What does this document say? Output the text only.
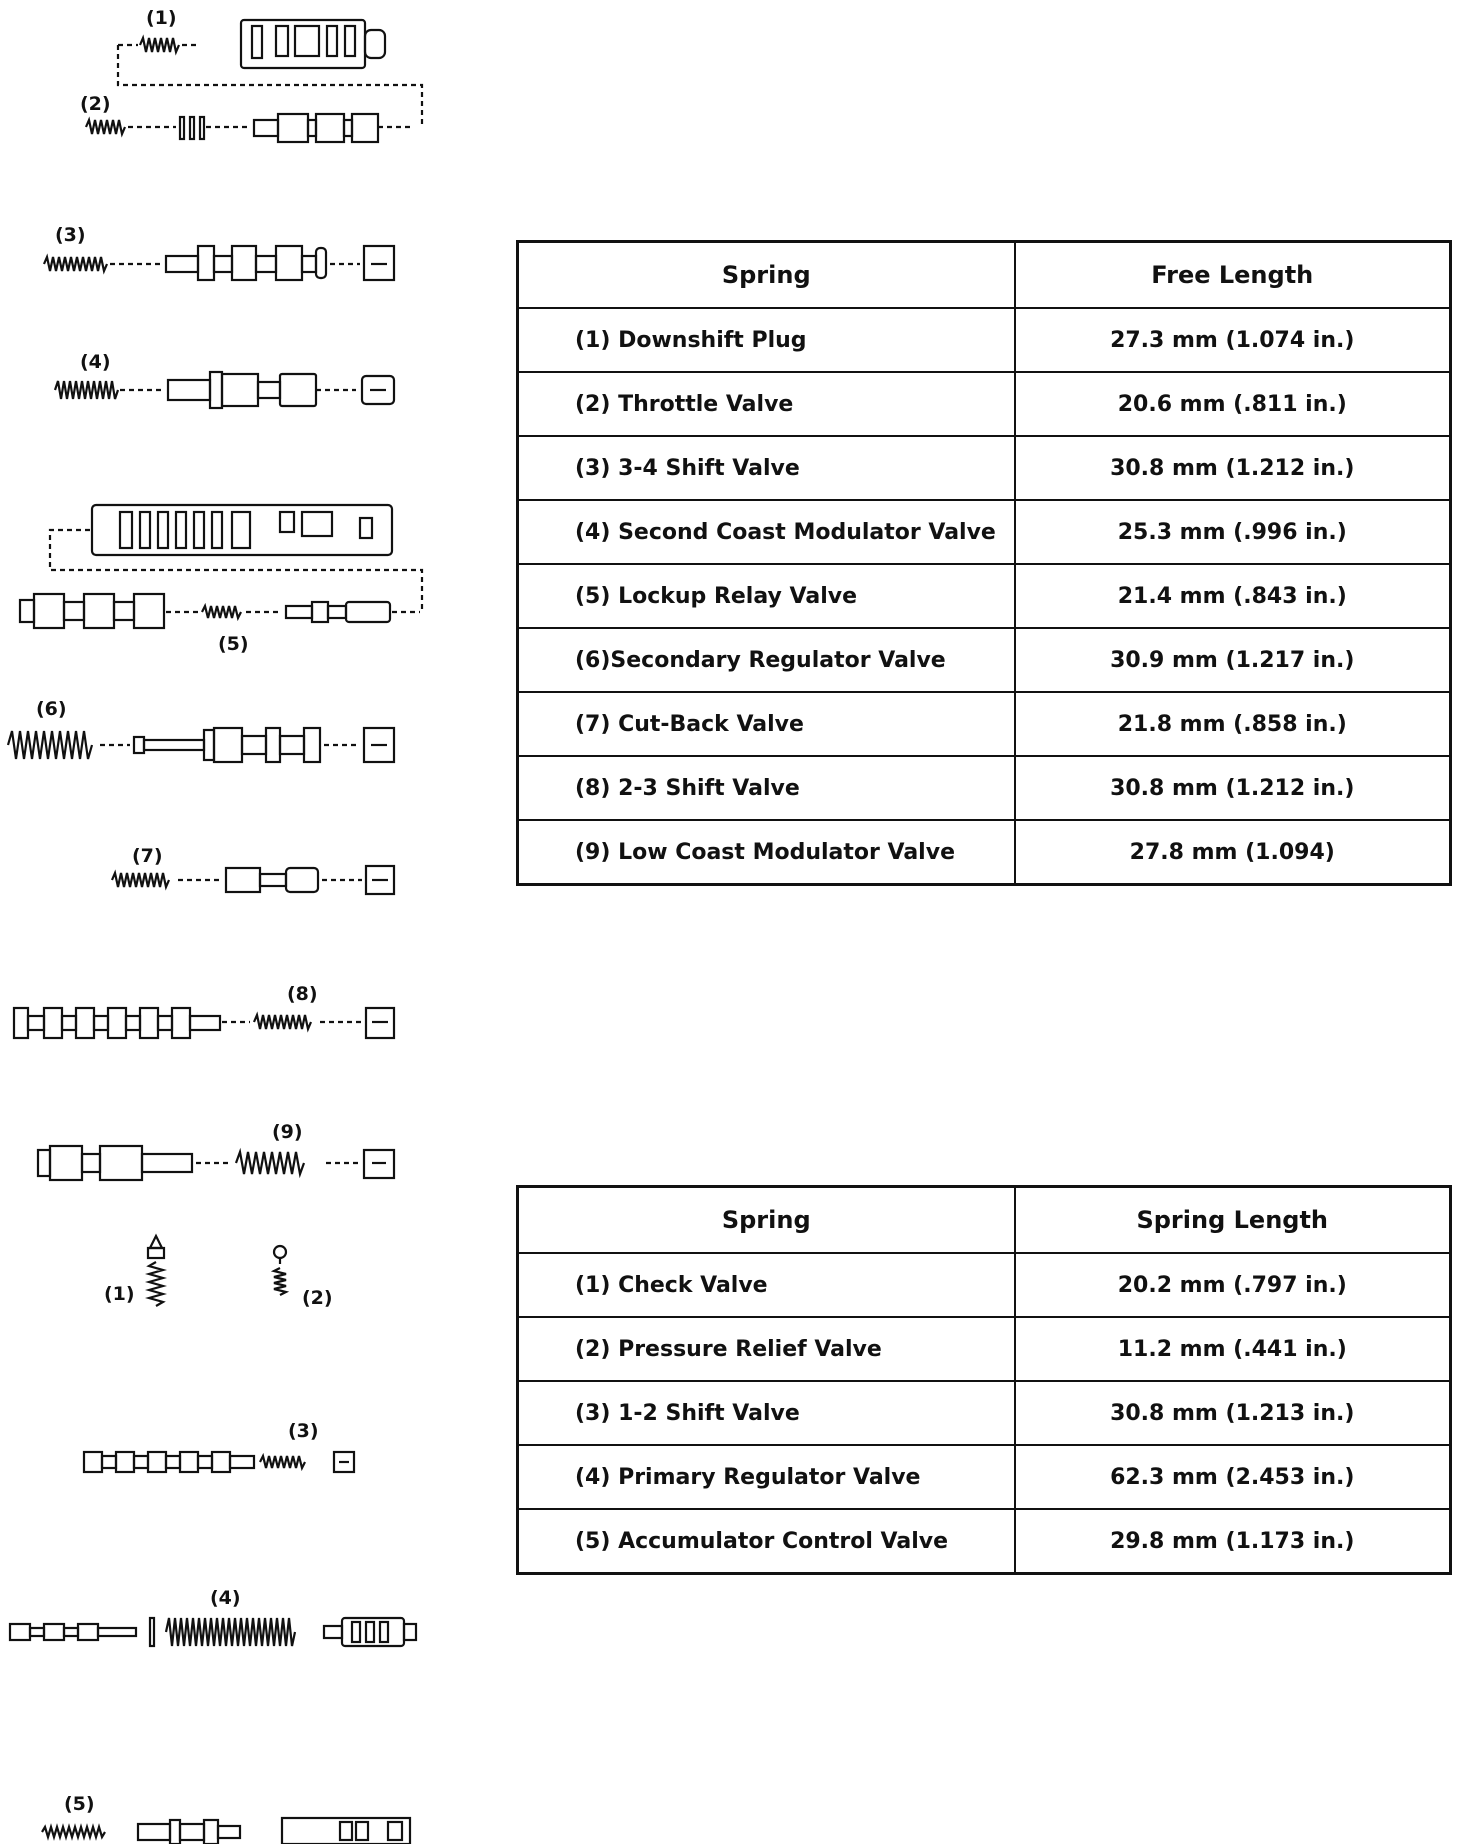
(1)
(2)
(3)
(4)
(5)
(6)
(7)
(8)
(9)
(1)	(2)
(3)
(4)
(5)
Spring	Free Length
(1) Downshift Plug	27.3 mm (1.074 in.)
(2) Throttle Valve	20.6 mm (.811 in.)
(3) 3-4 Shift Valve	30.8 mm (1.212 in.)
(4) Second Coast Modulator Valve	25.3 mm (.996 in.)
(5) Lockup Relay Valve	21.4 mm (.843 in.)
(6)Secondary Regulator Valve	30.9 mm (1.217 in.)
(7) Cut-Back Valve	21.8 mm (.858 in.)
(8) 2-3 Shift Valve	30.8 mm (1.212 in.)
(9) Low Coast Modulator Valve	27.8 mm (1.094)
Spring	Spring Length
(1) Check Valve	20.2 mm (.797 in.)
(2) Pressure Relief Valve	11.2 mm (.441 in.)
(3) 1-2 Shift Valve	30.8 mm (1.213 in.)
(4) Primary Regulator Valve	62.3 mm (2.453 in.)
(5) Accumulator Control Valve	29.8 mm (1.173 in.)
